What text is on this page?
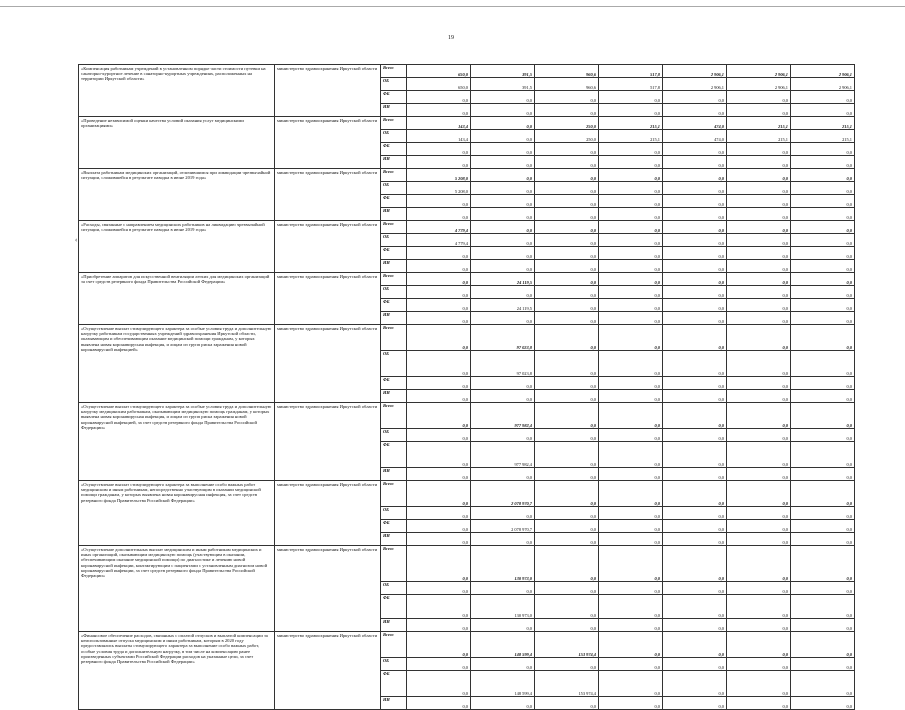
19
‹
«Компенсация работникам учреждений в установленном порядке части стоимости путевки на санаторно-курортное лечение в санаторно-курортных учреждениях, расположенных на территории Иркутской области»	министерство здравоохранения Иркутской области	Всего	650,0	391,5	960,6	517,8	2 906,1	2 906,1	2 906,1
		ОБ	650,0	391,5	960,6	517,8	2 906,1	2 906,1	2 906,1
		ФБ	0,0	0,0	0,0	0,0	0,0	0,0	0,0
		ИИ	0,0	0,0	0,0	0,0	0,0	0,0	0,0
«Проведение независимой оценки качества условий оказания услуг медицинскими организациями»	министерство здравоохранения Иркутской области	Всего	143,4	0,0	250,0	215,1	474,0	215,1	215,1
		ОБ	143,4	0,0	250,0	215,1	474,0	215,1	215,1
		ФБ	0,0	0,0	0,0	0,0	0,0	0,0	0,0
		ИИ	0,0	0,0	0,0	0,0	0,0	0,0	0,0
«Выплата работникам медицинских организаций, отличившимся при ликвидации чрезвычайной ситуации, сложившейся в результате паводка в июне 2019 года»	министерство здравоохранения Иркутской области	Всего	5 208,0	0,0	0,0	0,0	0,0	0,0	0,0
		ОБ	5 208,0	0,0	0,0	0,0	0,0	0,0	0,0
		ФБ	0,0	0,0	0,0	0,0	0,0	0,0	0,0
		ИИ	0,0	0,0	0,0	0,0	0,0	0,0	0,0
«Расходы, связанные с направлением медицинских работников на ликвидацию чрезвычайной ситуации, сложившейся в результате паводка в июне 2019 года»	министерство здравоохранения Иркутской области	Всего	4 779,4	0,0	0,0	0,0	0,0	0,0	0,0
		ОБ	4 779,4	0,0	0,0	0,0	0,0	0,0	0,0
		ФБ	0,0	0,0	0,0	0,0	0,0	0,0	0,0
		ИИ	0,0	0,0	0,0	0,0	0,0	0,0	0,0
«Приобретение аппаратов для искусственной вентиляции легких для медицинских организаций за счет средств резервного фонда Правительства Российской Федерации»	министерство здравоохранения Иркутской области	Всего	0,0	24 119,5	0,0	0,0	0,0	0,0	0,0
		ОБ	0,0	0,0	0,0	0,0	0,0	0,0	0,0
		ФБ	0,0	24 119,5	0,0	0,0	0,0	0,0	0,0
		ИИ	0,0	0,0	0,0	0,0	0,0	0,0	0,0
«Осуществление выплат стимулирующего характера за особые условия труда и дополнительную нагрузку работникам государственных учреждений здравоохранения Иркутской области, оказывающим и обеспечивающим оказание медицинской помощи гражданам, у которых выявлена новая коронавирусная инфекция, и лицам из групп риска заражения новой коронавирусной инфекцией»	министерство здравоохранения Иркутской области	Всего	0,0	97 023,8	0,0	0,0	0,0	0,0	0,0
		ОБ	0,0	97 023,8	0,0	0,0	0,0	0,0	0,0
		ФБ	0,0	0,0	0,0	0,0	0,0	0,0	0,0
		ИИ	0,0	0,0	0,0	0,0	0,0	0,0	0,0
«Осуществление выплат стимулирующего характера за особые условия труда и дополнительную нагрузку медицинским работникам, оказывающим медицинскую помощь гражданам, у которых выявлена новая коронавирусная инфекция, и лицам из групп риска заражения новой коронавирусной инфекцией, за счет средств резервного фонда Правительства Российской Федерации»	министерство здравоохранения Иркутской области	Всего	0,0	977 982,4	0,0	0,0	0,0	0,0	0,0
		ОБ	0,0	0,0	0,0	0,0	0,0	0,0	0,0
		ФБ	0,0	977 982,4	0,0	0,0	0,0	0,0	0,0
		ИИ	0,0	0,0	0,0	0,0	0,0	0,0	0,0
«Осуществление выплат стимулирующего характера за выполнение особо важных работ медицинским и иным работникам, непосредственно участвующим в оказании медицинской помощи гражданам, у которых выявлена новая коронавирусная инфекция, за счет средств резервного фонда Правительства Российской Федерации»	министерство здравоохранения Иркутской области	Всего	0,0	2 078 970,7	0,0	0,0	0,0	0,0	0,0
		ОБ	0,0	0,0	0,0	0,0	0,0	0,0	0,0
		ФБ	0,0	2 078 970,7	0,0	0,0	0,0	0,0	0,0
		ИИ	0,0	0,0	0,0	0,0	0,0	0,0	0,0
«Осуществление дополнительных выплат медицинским и иным работникам медицинских и иных организаций, оказывающим медицинскую помощь (участвующим в оказании, обеспечивающим оказание медицинской помощи) по диагностике и лечению новой коронавирусной инфекции, контактирующим с пациентами с установленным диагнозом новой коронавирусной инфекции, за счет средств резервного фонда Правительства Российской Федерации»	министерство здравоохранения Иркутской области	Всего	0,0	130 973,0	0,0	0,0	0,0	0,0	0,0
		ОБ	0,0	0,0	0,0	0,0	0,0	0,0	0,0
		ФБ	0,0	130 973,0	0,0	0,0	0,0	0,0	0,0
		ИИ	0,0	0,0	0,0	0,0	0,0	0,0	0,0
«Финансовое обеспечение расходов, связанных с оплатой отпусков и выплатой компенсации за неиспользованные отпуска медицинским и иным работникам, которым в 2020 году предоставлялись выплаты стимулирующего характера за выполнение особо важных работ, особые условия труда и дополнительную нагрузку, в том числе на компенсацию ранее произведенных субъектами Российской Федерации расходов на указанные цели, за счет резервного фонда Правительства Российской Федерации»	министерство здравоохранения Иркутской области	Всего	0,0	148 599,4	153 974,4	0,0	0,0	0,0	0,0
		ОБ	0,0	0,0	0,0	0,0	0,0	0,0	0,0
		ФБ	0,0	148 599,4	153 974,4	0,0	0,0	0,0	0,0
		ИИ	0,0	0,0	0,0	0,0	0,0	0,0	0,0
